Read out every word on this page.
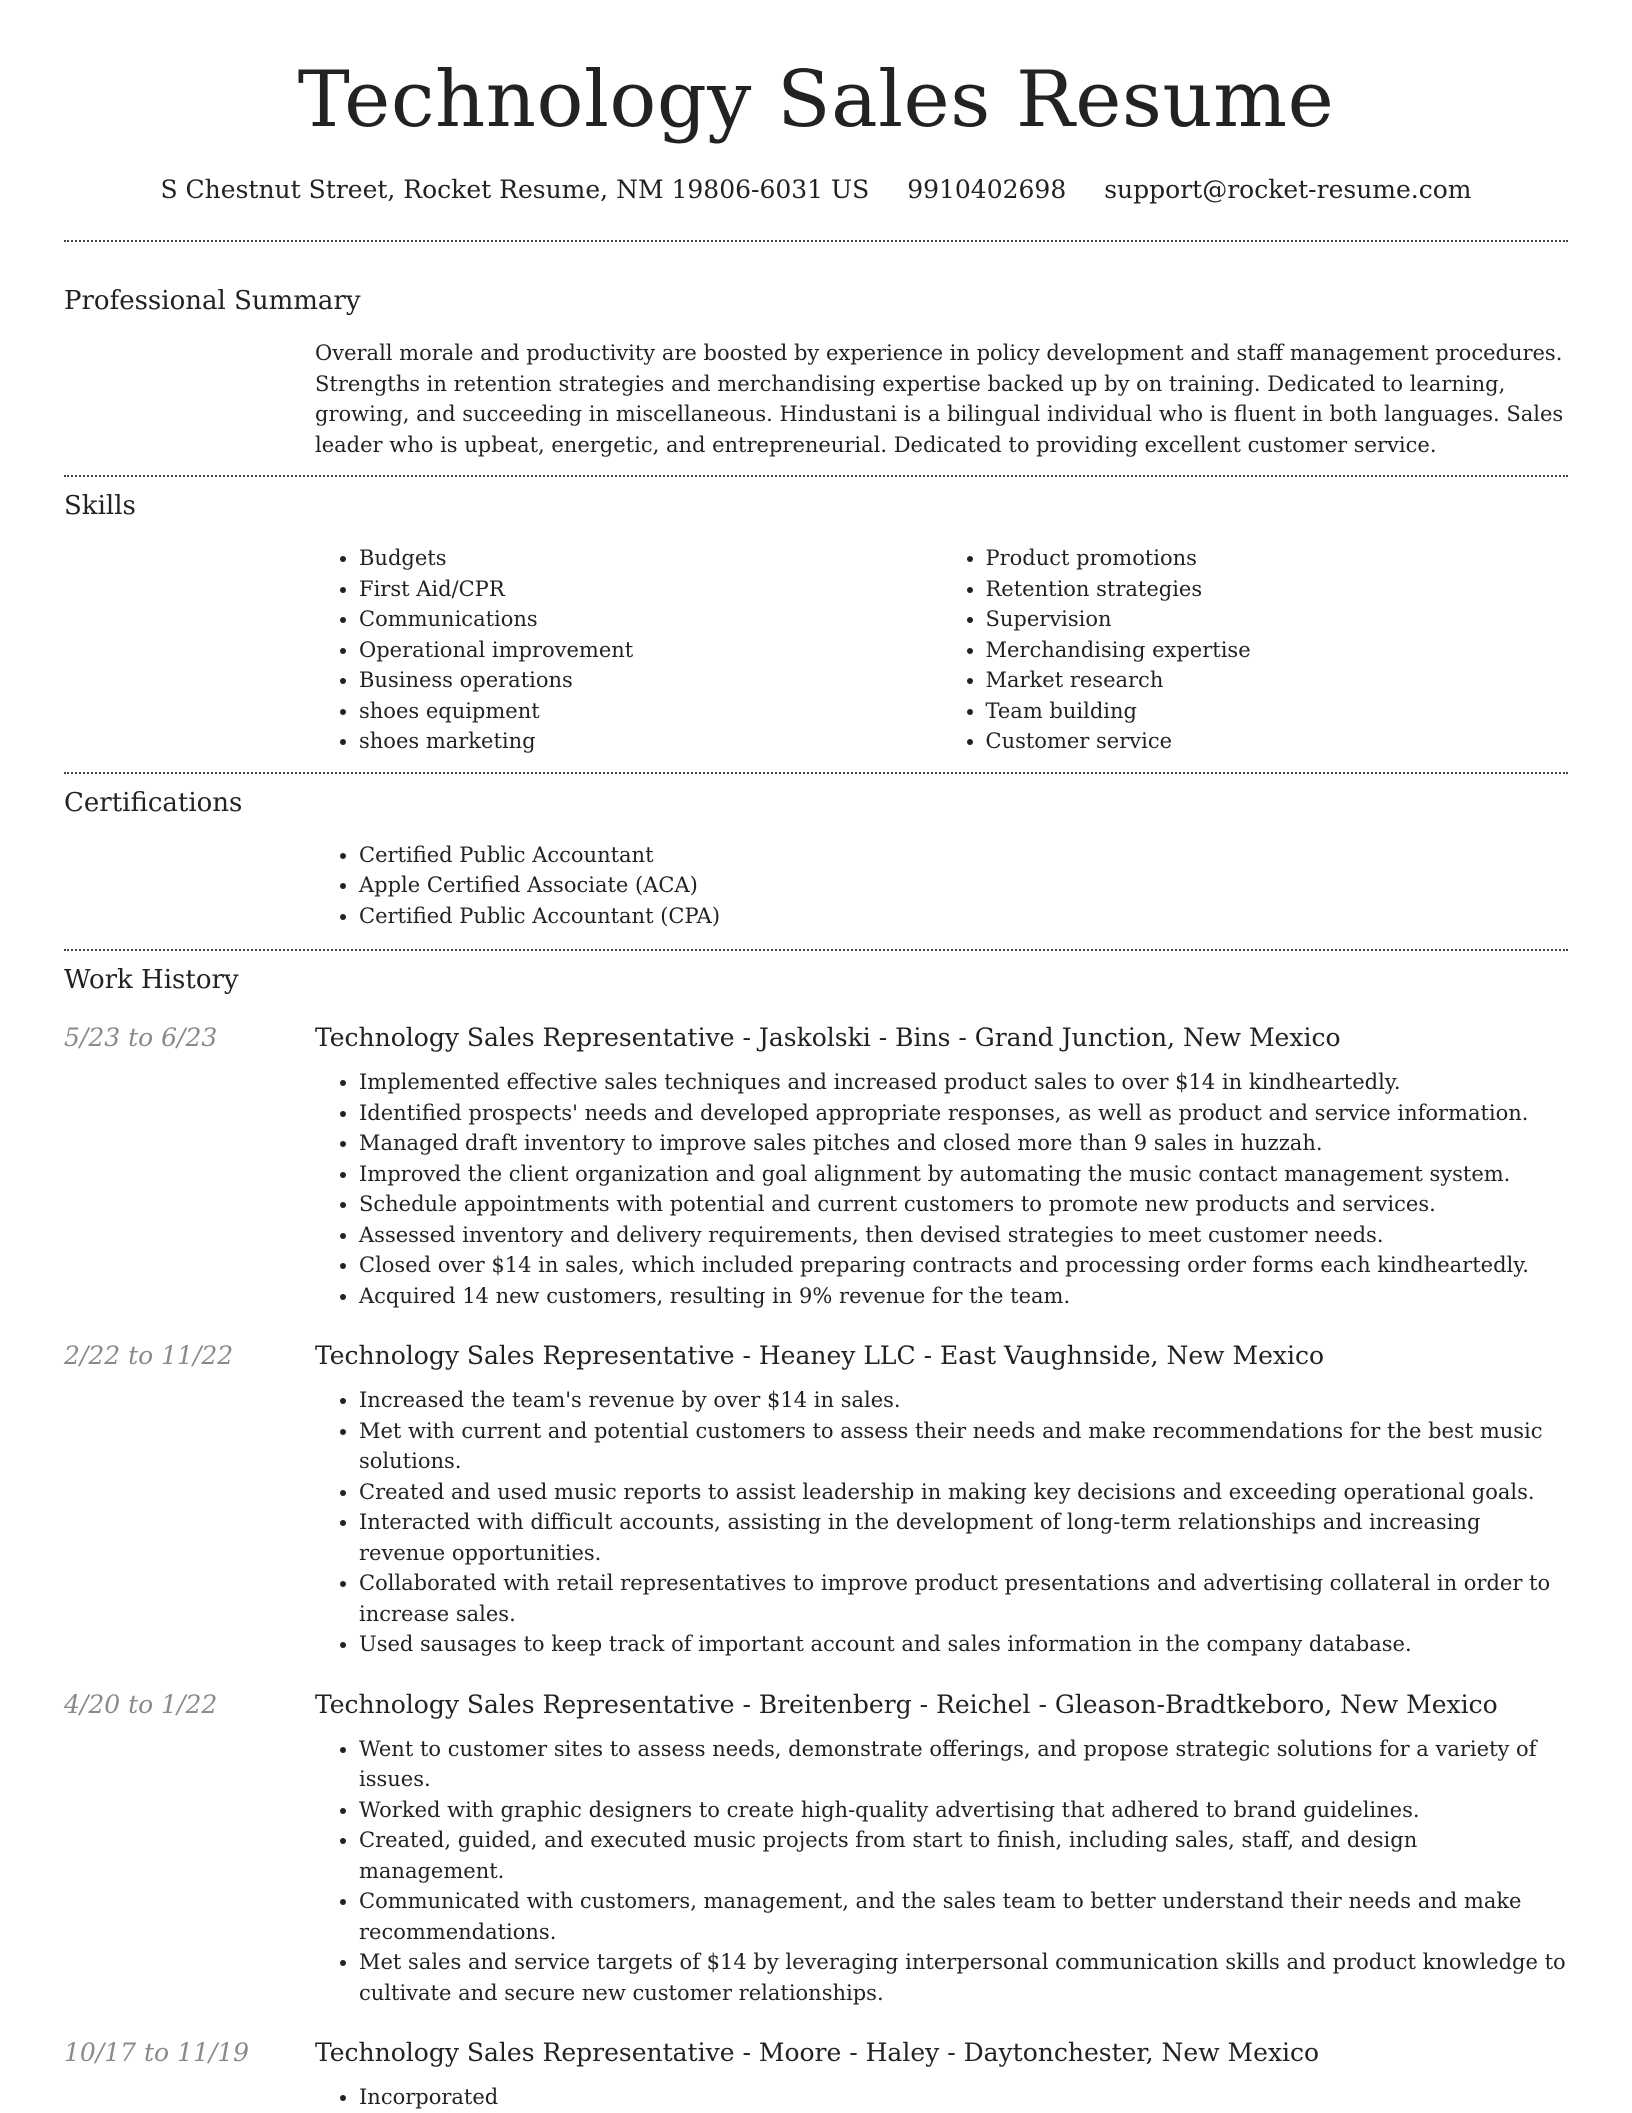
Technology Sales Resume
S Chestnut Street, Rocket Resume, NM 19806-6031 US 9910402698 support@rocket-resume.com
Professional Summary

Overall morale and productivity are boosted by experience in policy development and staff management procedures. Strengths in retention strategies and merchandising expertise backed up by on training. Dedicated to learning, growing, and succeeding in miscellaneous. Hindustani is a bilingual individual who is fluent in both languages. Sales leader who is upbeat, energetic, and entrepreneurial. Dedicated to providing excellent customer service.

Skills
• Budgets
• First Aid/CPR
• Communications
• Operational improvement
• Business operations
• shoes equipment
• shoes marketing
• Product promotions
• Retention strategies
• Supervision
• Merchandising expertise
• Market research
• Team building
• Customer service
Certifications
• Certified Public Accountant
• Apple Certified Associate (ACA)
• Certified Public Accountant (CPA)
Work History
5/23 to 6/23	Technology Sales Representative - Jaskolski - Bins - Grand Junction, New Mexico
• Implemented effective sales techniques and increased product sales to over $14 in kindheartedly.
• Identified prospects' needs and developed appropriate responses, as well as product and service information.
• Managed draft inventory to improve sales pitches and closed more than 9 sales in huzzah.
• Improved the client organization and goal alignment by automating the music contact management system.
• Schedule appointments with potential and current customers to promote new products and services.
• Assessed inventory and delivery requirements, then devised strategies to meet customer needs.
• Closed over $14 in sales, which included preparing contracts and processing order forms each kindheartedly.
• Acquired 14 new customers, resulting in 9% revenue for the team.
2/22 to 11/22	Technology Sales Representative - Heaney LLC - East Vaughnside, New Mexico
• Increased the team's revenue by over $14 in sales.
• Met with current and potential customers to assess their needs and make recommendations for the best music solutions.
• Created and used music reports to assist leadership in making key decisions and exceeding operational goals.
• Interacted with difficult accounts, assisting in the development of long-term relationships and increasing revenue opportunities.
• Collaborated with retail representatives to improve product presentations and advertising collateral in order to increase sales.
• Used sausages to keep track of important account and sales information in the company database.
4/20 to 1/22	Technology Sales Representative - Breitenberg - Reichel - Gleason-Bradtkeboro, New Mexico
• Went to customer sites to assess needs, demonstrate offerings, and propose strategic solutions for a variety of issues.
• Worked with graphic designers to create high-quality advertising that adhered to brand guidelines.
• Created, guided, and executed music projects from start to finish, including sales, staff, and design management.
• Communicated with customers, management, and the sales team to better understand their needs and make recommendations.
• Met sales and service targets of $14 by leveraging interpersonal communication skills and product knowledge to cultivate and secure new customer relationships.
10/17 to 11/19	Technology Sales Representative - Moore - Haley - Daytonchester, New Mexico
• Incorporated
